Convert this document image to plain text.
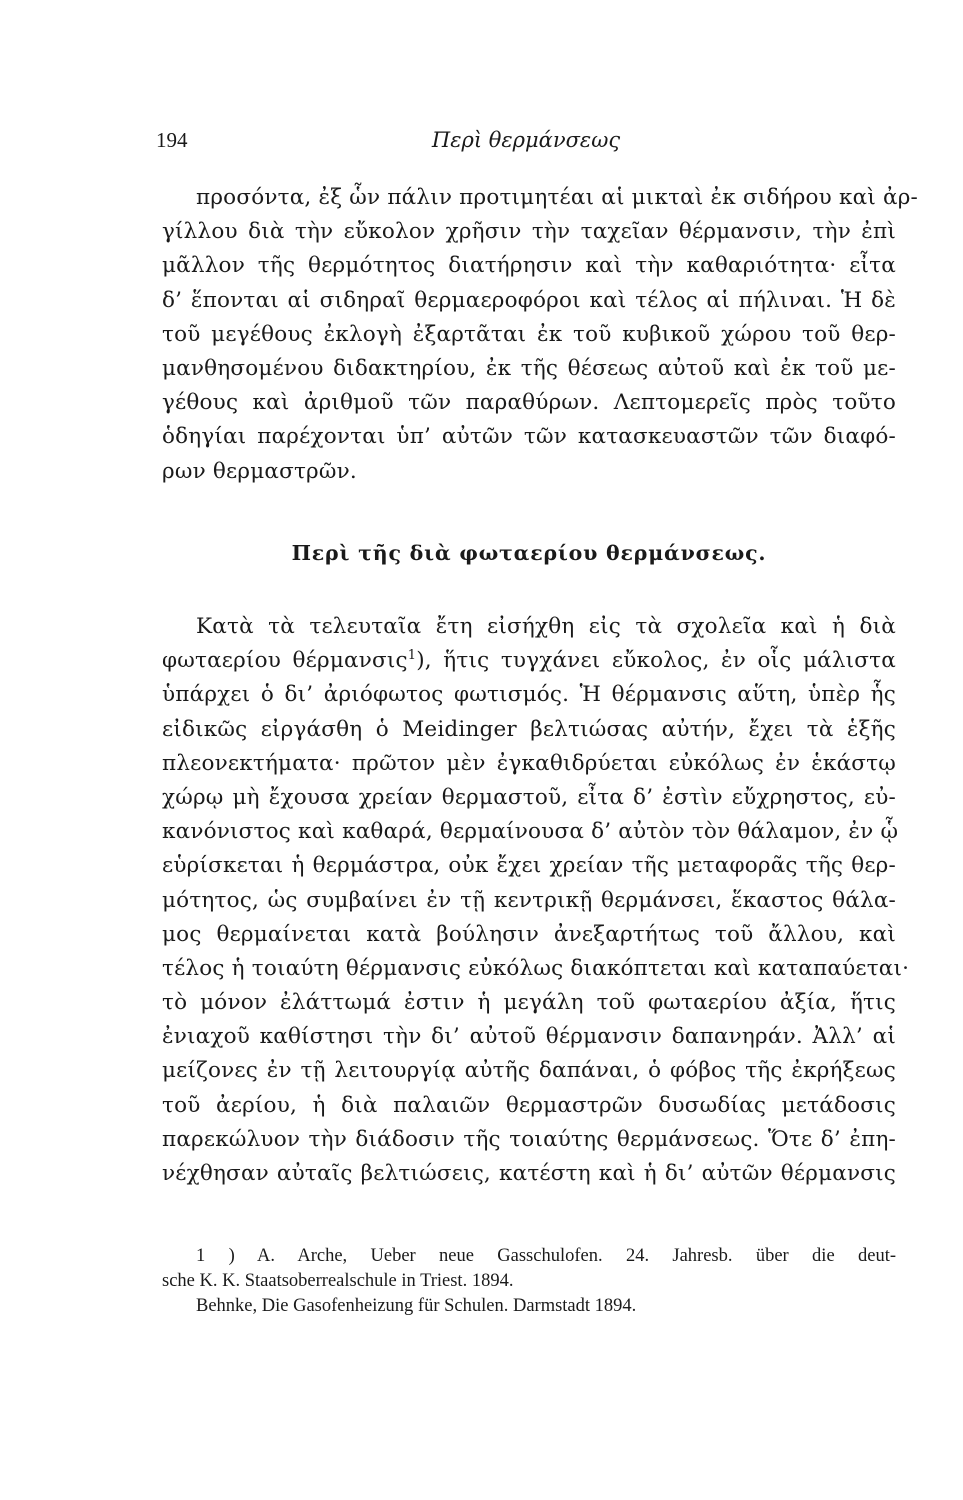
194	Περὶ θερμάνσεως
προσόντα, ἐξ ὧν πάλιν προτιμητέαι αἱ μικταὶ ἐκ σιδήρου καὶ ἀρ-
γίλλου διὰ τὴν εὔκολον χρῆσιν τὴν ταχεῖαν θέρμανσιν, τὴν ἐπὶ
μᾶλλον τῆς θερμότητος διατήρησιν καὶ τὴν καθαριότητα· εἶτα
δ’ ἕπονται αἱ σιδηραῖ θερμαεροφόροι καὶ τέλος αἱ πήλιναι. Ἡ δὲ
τοῦ μεγέθους ἐκλογὴ ἐξαρτᾶται ἐκ τοῦ κυβικοῦ χώρου τοῦ θερ-
μανθησομένου διδακτηρίου, ἐκ τῆς θέσεως αὐτοῦ καὶ ἐκ τοῦ με-
γέθους καὶ ἀριθμοῦ τῶν παραθύρων. Λεπτομερεῖς πρὸς τοῦτο
ὁδηγίαι παρέχονται ὑπ’ αὐτῶν τῶν κατασκευαστῶν τῶν διαφό-
ρων θερμαστρῶν.
Περὶ τῆς διὰ φωταερίου θερμάνσεως.
Κατὰ τὰ τελευταῖα ἔτη εἰσήχθη εἰς τὰ σχολεῖα καὶ ἡ διὰ
φωταερίου θέρμανσις$^1$), ἥτις τυγχάνει εὔκολος, ἐν οἷς μάλιστα
ὑπάρχει ὁ δι’ ἀριόφωτος φωτισμός. Ἡ θέρμανσις αὕτη, ὑπὲρ ἧς
εἰδικῶς εἰργάσθη ὁ Meidinger βελτιώσας αὐτήν, ἔχει τὰ ἑξῆς
πλεονεκτήματα· πρῶτον μὲν ἐγκαθιδρύεται εὐκόλως ἐν ἑκάστῳ
χώρῳ μὴ ἔχουσα χρείαν θερμαστοῦ, εἶτα δ’ ἐστὶν εὔχρηστος, εὐ-
κανόνιστος καὶ καθαρά, θερμαίνουσα δ’ αὐτὸν τὸν θάλαμον, ἐν ᾧ
εὑρίσκεται ἡ θερμάστρα, οὐκ ἔχει χρείαν τῆς μεταφορᾶς τῆς θερ-
μότητος, ὡς συμβαίνει ἐν τῇ κεντρικῇ θερμάνσει, ἕκαστος θάλα-
μος θερμαίνεται κατὰ βούλησιν ἀνεξαρτήτως τοῦ ἄλλου, καὶ
τέλος ἡ τοιαύτη θέρμανσις εὐκόλως διακόπτεται καὶ καταπαύεται·
τὸ μόνον ἐλάττωμά ἐστιν ἡ μεγάλη τοῦ φωταερίου ἀξία, ἥτις
ἐνιαχοῦ καθίστησι τὴν δι’ αὐτοῦ θέρμανσιν δαπανηράν. Ἀλλ’ αἱ
μείζονες ἐν τῇ λειτουργίᾳ αὐτῆς δαπάναι, ὁ φόβος τῆς ἐκρήξεως
τοῦ ἀερίου, ἡ διὰ παλαιῶν θερμαστρῶν δυσωδίας μετάδοσις
παρεκώλυον τὴν διάδοσιν τῆς τοιαύτης θερμάνσεως. Ὅτε δ’ ἐπη-
νέχθησαν αὐταῖς βελτιώσεις, κατέστη καὶ ἡ δι’ αὐτῶν θέρμανσις
1 ) A. Arche, Ueber neue Gasschulofen. 24. Jahresb. über die deut-
sche K. K. Staatsoberrealschule in Triest. 1894.
Behnke, Die Gasofenheizung für Schulen. Darmstadt 1894.
